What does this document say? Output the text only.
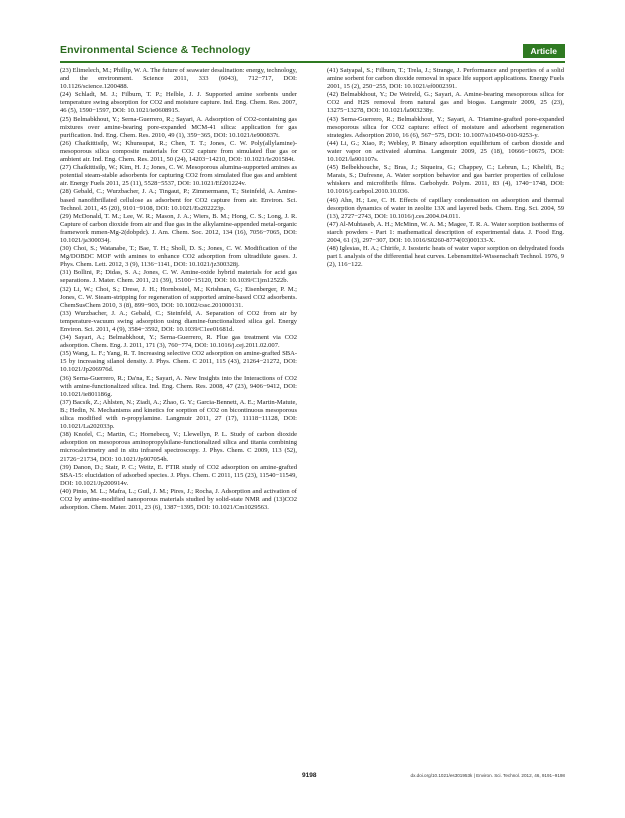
Environmental Science & Technology	Article

(23) Elimelech, M.; Phillip, W. A. The future of seawater desalination: energy, technology, and the environment. Science 2011, 333 (6043), 712−717, DOI: 10.1126/science.1200488.

(24) Schladt, M. J.; Filburn, T. P.; Helble, J. J. Supported amine sorbents under temperature swing absorption for CO2 and moisture capture. Ind. Eng. Chem. Res. 2007, 46 (5), 1590−1597, DOI: 10.1021/ie0608915.

(25) Belmabkhout, Y.; Serna-Guerrero, R.; Sayari, A. Adsorption of CO2-containing gas mixtures over amine-bearing pore-expanded MCM-41 silica: application for gas purification. Ind. Eng. Chem. Res. 2010, 49 (1), 359−365, DOI: 10.1021/ie900837t.

(26) Chaikittisilp, W.; Khunsupat, R.; Chen, T. T.; Jones, C. W. Poly(allylamine)-mesoporous silica composite materials for CO2 capture from simulated flue gas or ambient air. Ind. Eng. Chem. Res. 2011, 50 (24), 14203−14210, DOI: 10.1021/Ie201584t.

(27) Chaikittisilp, W.; Kim, H. J.; Jones, C. W. Mesoporous alumina-supported amines as potential steam-stable adsorbents for capturing CO2 from simulated flue gas and ambient air. Energy Fuels 2011, 25 (11), 5528−5537, DOI: 10.1021/Ef201224v.

(28) Gebald, C.; Wurzbacher, J. A.; Tingaut, P.; Zimmermann, T.; Steinfeld, A. Amine-based nanofibrillated cellulose as adsorbent for CO2 capture from air. Environ. Sci. Technol. 2011, 45 (20), 9101−9108, DOI: 10.1021/Es202223p.

(29) McDonald, T. M.; Lee, W. R.; Mason, J. A.; Wiers, B. M.; Hong, C. S.; Long, J. R. Capture of carbon dioxide from air and flue gas in the alkylamine-appended metal-organic framework mmen-Mg-2(dobpdc). J. Am. Chem. Soc. 2012, 134 (16), 7056−7065, DOI: 10.1021/ja300034j.

(30) Choi, S.; Watanabe, T.; Bae, T. H.; Sholl, D. S.; Jones, C. W. Modification of the Mg/DOBDC MOF with amines to enhance CO2 adsorption from ultradilute gases. J. Phys. Chem. Lett. 2012, 3 (9), 1136−1141, DOI: 10.1021/jz300328j.

(31) Bollini, P.; Didas, S. A.; Jones, C. W. Amine-oxide hybrid materials for acid gas separations. J. Mater. Chem. 2011, 21 (39), 15100−15120, DOI: 10.1039/C1jm12522b.

(32) Li, W.; Choi, S.; Drese, J. H.; Hornbostel, M.; Krishnan, G.; Eisenberger, P. M.; Jones, C. W. Steam-stripping for regeneration of supported amine-based CO2 adsorbents. ChemSusChem 2010, 3 (8), 899−903, DOI: 10.1002/cssc.201000131.

(33) Wurzbacher, J. A.; Gebald, C.; Steinfeld, A. Separation of CO2 from air by temperature-vacuum swing adsorption using diamine-functionalized silica gel. Energy Environ. Sci. 2011, 4 (9), 3584−3592, DOI: 10.1039/C1ee01681d.

(34) Sayari, A.; Belmabkhout, Y.; Serna-Guerrero, R. Flue gas treatment via CO2 adsorption. Chem. Eng. J. 2011, 171 (3), 760−774, DOI: 10.1016/j.cej.2011.02.007.

(35) Wang, L. F.; Yang, R. T. Increasing selective CO2 adsorption on amine-grafted SBA-15 by increasing silanol density. J. Phys. Chem. C 2011, 115 (43), 21264−21272, DOI: 10.1021/Jp206976d.

(36) Serna-Guerrero, R.; Da'na, E.; Sayari, A. New Insights into the Interactions of CO2 with amine-functionalized silica. Ind. Eng. Chem. Res. 2008, 47 (23), 9406−9412, DOI: 10.1021/ie801186g.

(37) Bacsik, Z.; Ahlsten, N.; Ziadi, A.; Zhao, G. Y.; Garcia-Bennett, A. E.; Martin-Matute, B.; Hedin, N. Mechanisms and kinetics for sorption of CO2 on bicontinuous mesoporous silica modified with n-propylamine. Langmuir 2011, 27 (17), 11118−11128, DOI: 10.1021/La202033p.

(38) Knofel, C.; Martin, C.; Hornebecq, V.; Llewellyn, P. L. Study of carbon dioxide adsorption on mesoporous aminopropylsilane-functionalized silica and titania combining microcalorimetry and in situ infrared spectroscopy. J. Phys. Chem. C 2009, 113 (52), 21726−21734, DOI: 10.1021/Jp907054h.

(39) Danon, D.; Stair, P. C.; Weitz, E. FTIR study of CO2 adsorption on amine-grafted SBA-15: elucidation of adsorbed species. J. Phys. Chem. C 2011, 115 (23), 11540−11549, DOI: 10.1021/Jp200914v.

(40) Pinto, M. L.; Mafra, L.; Guil, J. M.; Pires, J.; Rocha, J. Adsorption and activation of CO2 by amine-modified nanoporous materials studied by solid-state NMR and (13)CO2 adsorption. Chem. Mater. 2011, 23 (6), 1387−1395, DOI: 10.1021/Cm1029563.

(41) Satyapal, S.; Filburn, T.; Trela, J.; Strange, J. Performance and properties of a solid amine sorbent for carbon dioxide removal in space life support applications. Energy Fuels 2001, 15 (2), 250−255, DOI: 10.1021/ef0002391.

(42) Belmabkhout, Y.; De Weireld, G.; Sayari, A. Amine-bearing mesoporous silica for CO2 and H2S removal from natural gas and biogas. Langmuir 2009, 25 (23), 13275−13278, DOI: 10.1021/la903238y.

(43) Serna-Guerrero, R.; Belmabkhout, Y.; Sayari, A. Triamine-grafted pore-expanded mesoporous silica for CO2 capture: effect of moisture and adsorbent regeneration strategies. Adsorption 2010, 16 (6), 567−575, DOI: 10.1007/s10450-010-9253-y.

(44) Li, G.; Xiao, P.; Webley, P. Binary adsorption equilibrium of carbon dioxide and water vapor on activated alumina. Langmuir 2009, 25 (18), 10666−10675, DOI: 10.1021/la901107s.

(45) Belbekhouche, S.; Bras, J.; Siqueira, G.; Chappey, C.; Lebrun, L.; Khelifi, B.; Marais, S.; Dufresne, A. Water sorption behavior and gas barrier properties of cellulose whiskers and microfibrils films. Carbohydr. Polym. 2011, 83 (4), 1740−1748, DOI: 10.1016/j.carbpol.2010.10.036.

(46) Ahn, H.; Lee, C. H. Effects of capillary condensation on adsorption and thermal desorption dynamics of water in zeolite 13X and layered beds. Chem. Eng. Sci. 2004, 59 (13), 2727−2743, DOI: 10.1016/j.ces.2004.04.011.

(47) Al-Muhtaseb, A. H.; McMinn, W. A. M.; Magee, T. R. A. Water sorption isotherms of starch powders - Part 1: mathematical description of experimental data. J. Food Eng. 2004, 61 (3), 297−307, DOI: 10.1016/S0260-8774(03)00133-X.

(48) Iglesias, H. A.; Chirife, J. Isosteric heats of water vapor sorption on dehydrated foods part I. analysis of the differential heat curves. Lebensmittel-Wissenschaft Technol. 1976, 9 (2), 116−122.

9198	dx.doi.org/10.1021/es301953k | Environ. Sci. Technol. 2012, 46, 9191−9198
